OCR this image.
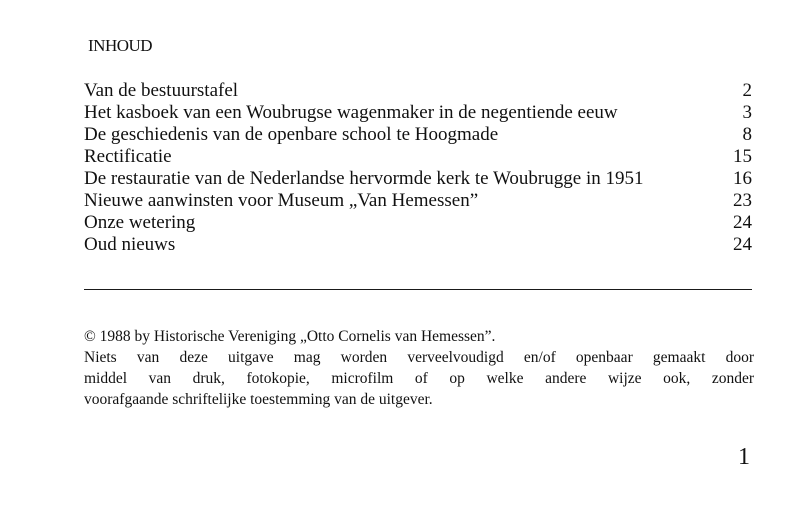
INHOUD
Van de bestuurstafel	2
Het kasboek van een Woubrugse wagenmaker in de negentiende eeuw	3
De geschiedenis van de openbare school te Hoogmade	8
Rectificatie	15
De restauratie van de Nederlandse hervormde kerk te Woubrugge in 1951	16
Nieuwe aanwinsten voor Museum „Van Hemessen”	23
Onze wetering	24
Oud nieuws	24

© 1988 by Historische Vereniging „Otto Cornelis van Hemessen”.

Niets van deze uitgave mag worden verveelvoudigd en/of openbaar gemaakt door
middel van druk, fotokopie, microfilm of op welke andere wijze ook, zonder
voorafgaande schriftelijke toestemming van de uitgever.
1
